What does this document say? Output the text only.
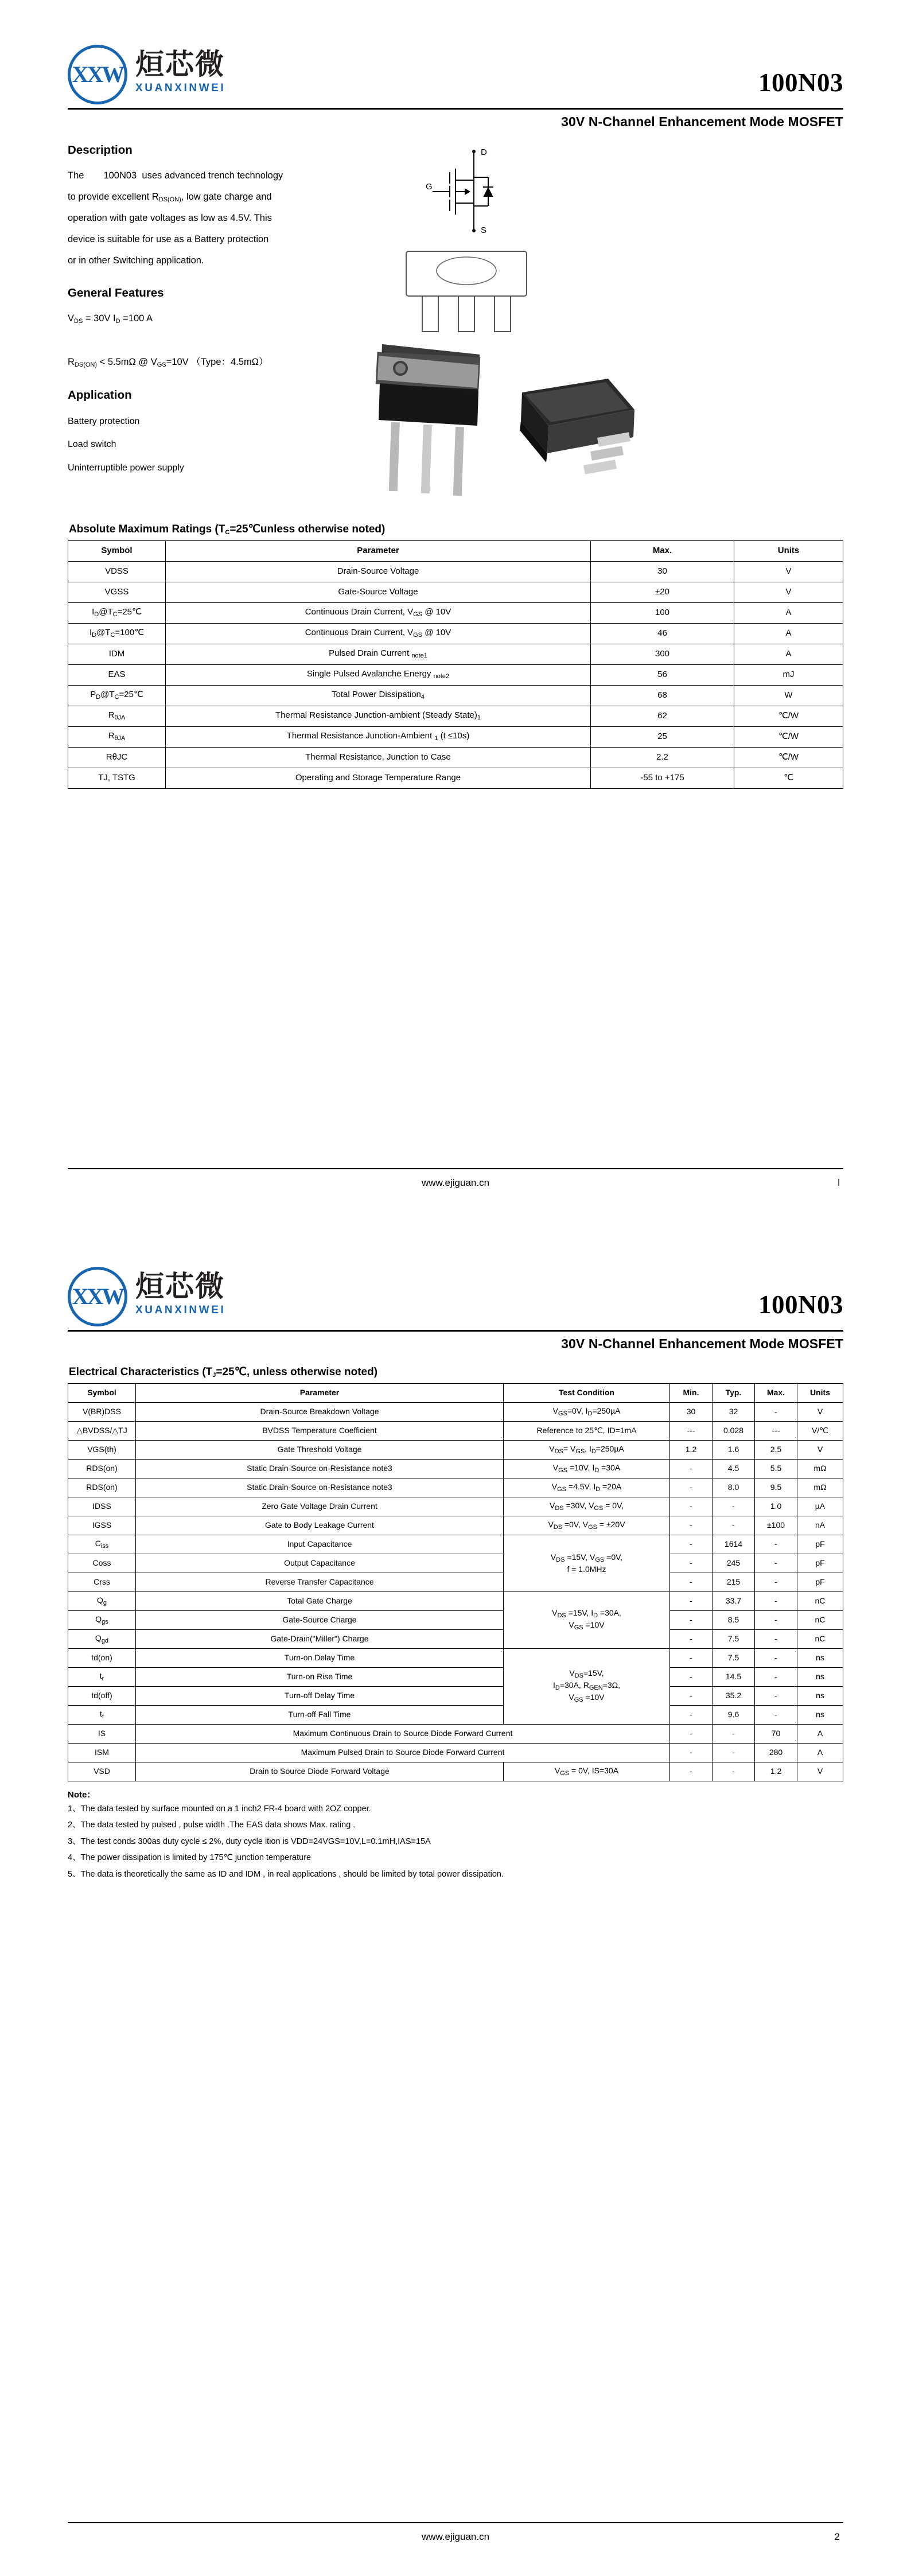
XXW 烜芯微
XUANXINWEI	100N03
30V N-Channel Enhancement Mode MOSFET
Description

The 100N03 uses advanced trench technology
to provide excellent $R_{DS(ON)}$, low gate charge and
operation with gate voltages as low as 4.5V. This
device is suitable for use as a Battery protection
or in other Switching application.

General Features

$V_{DS} = 30V$ $I_D =100$ A

$R_{DS(ON)} < 5.5m\Omega$ @ $V_{GS}=10V$ （Type：4.5mΩ）

Application

Battery protection
Load switch
Uninterruptible power supply

D
G
S

Absolute Maximum Ratings ($T_C=25℃unless$ otherwise noted)

Symbol	Parameter	Max.	Units
VDSS	Drain-Source Voltage	30	V
VGSS	Gate-Source Voltage	±20	V
$I_D@T_C=25℃$	Continuous Drain Current, $V_{GS}$ @ 10V	100	A
$I_D@T_C=100℃$	Continuous Drain Current, $V_{GS}$ @ 10V	46	A
IDM	Pulsed Drain Current $_{note1}$	300	A
EAS	Single Pulsed Avalanche Energy $_{note2}$	56	mJ
$P_D@T_C=25℃$	Total Power Dissipation$_4$	68	W
$R_{\theta JA}$	Thermal Resistance Junction-ambient (Steady $State)_1$	62	℃/W
$R_{\theta JA}$	Thermal Resistance Junction-Ambient $_1$ (t ≤10s)	25	℃/W
RθJC	Thermal Resistance, Junction to Case	2.2	℃/W
TJ, TSTG	Operating and Storage Temperature Range	-55 to +175	℃
www.ejiguan.cn	l
XXW 烜芯微
XUANXINWEI	100N03
30V N-Channel Enhancement Mode MOSFET

Electrical Characteristics ($T_J=25℃$, unless otherwise noted)

Symbol	Parameter	Test Condition	Min.	Typ.	Max.	Units
V(BR)DSS	Drain-Source Breakdown Voltage	$V_{GS}=0V$, $I_D=250\mu A$	30	32	-	V
△BVDSS/△TJ	BVDSS Temperature Coefficient	Reference to 25℃, ID=1mA	---	0.028	---	V/℃
VGS(th)	Gate Threshold Voltage	$V_{DS}= V_{GS}$, $I_D=250\mu A$	1.2	1.6	2.5	V
RDS(on)	Static Drain-Source on-Resistance note3	$V_{GS} =10V$, $I_D =30A$	-	4.5	5.5	mΩ
RDS(on)	Static Drain-Source on-Resistance note3	$V_{GS} =4.5V$, $I_D =20A$	-	8.0	9.5	mΩ
IDSS	Zero Gate Voltage Drain Current	$V_{DS} =30V$, $V_{GS} = 0V$,	-	-	1.0	µA
IGSS	Gate to Body Leakage Current	$V_{DS} =0V$, $V_{GS} = \pm 20V$	-	-	±100	nA
$C_{iss}$	Input Capacitance	$V_{DS} =15V$, $V_{GS} =0V$,
f = 1.0MHz	-	1614	-	pF
Coss	Output Capacitance		-	245	-	pF
Crss	Reverse Transfer Capacitance		-	215	-	pF
$Q_g$	Total Gate Charge	$V_{DS} =15V$, $I_D =30A$,
$V_{GS} =10V$	-	33.7	-	nC
$Q_{gs}$	Gate-Source Charge		-	8.5	-	nC
$Q_{gd}$	Gate-Drain("Miller") Charge		-	7.5	-	nC
td(on)	Turn-on Delay Time	$V_{DS}=15V$,
$I_D=30A$, $R_{GEN}=3\Omega$,
$V_{GS} =10V$	-	7.5	-	ns
$t_r$	Turn-on Rise Time		-	14.5	-	ns
td(off)	Turn-off Delay Time		-	35.2	-	ns
$t_f$	Turn-off Fall Time		-	9.6	-	ns
IS	Maximum Continuous Drain to Source Diode Forward Current		-	-	70	A
ISM	Maximum Pulsed Drain to Source Diode Forward Current		-	-	280	A
VSD	Drain to Source Diode Forward Voltage	$V_{GS} = 0V$, IS=30A	-	-	1.2	V
Note：

1、The data tested by surface mounted on a 1 inch2 FR-4 board with 2OZ copper.

2、The data tested by pulsed , pulse width .The EAS data shows Max. rating .

3、The test cond≤ 300as duty cycle ≤ 2%, duty cycle ition is VDD=24VGS=10V,L=0.1mH,IAS=15A

4、The power dissipation is limited by 175℃ junction temperature

5、The data is theoretically the same as ID and IDM , in real applications , should be limited by total power dissipation.

www.ejiguan.cn	2
